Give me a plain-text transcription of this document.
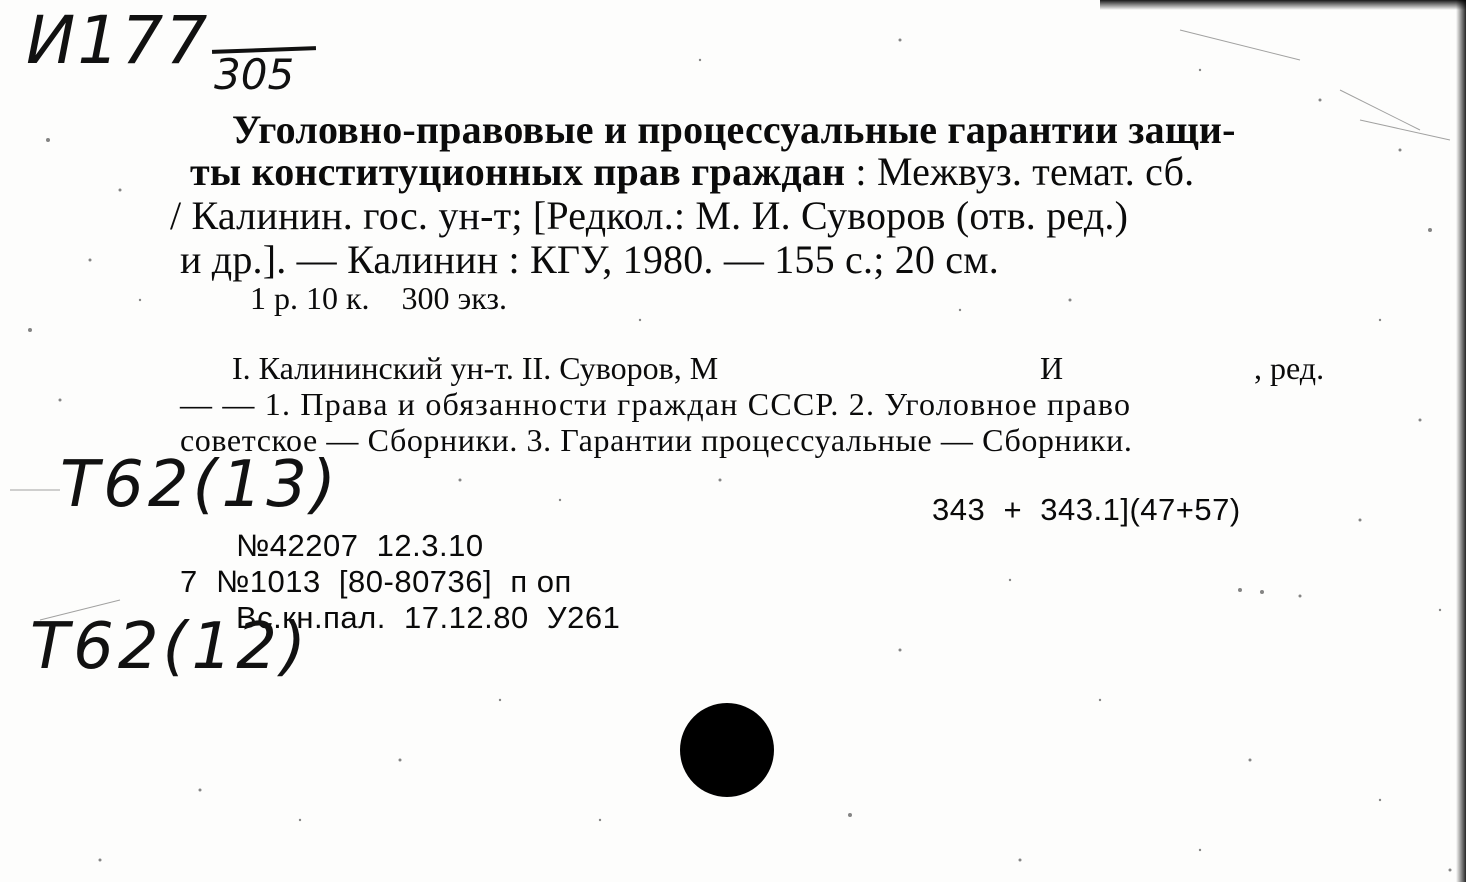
И177 305
Уголовно-правовые и процессуальные гарантии защи-
ты конституционных прав граждан : Межвуз. темат. сб.
/ Калинин. гос. ун-т; [Редкол.: М. И. Суворов (отв. ред.)
и др.]. — Калинин : КГУ, 1980. — 155 с.; 20 см.
1 р. 10 к.    300 экз.
I. Калининский ун-т. II. Суворов, М	И	, ред.
— — 1. Права и обязанности граждан СССР. 2. Уголовное право
советское — Сборники. 3. Гарантии процессуальные — Сборники.
Т62(13)	343  +  343.1](47+57)
№42207  12.3.10
7  №1013  [80-80736]  п оп
Вс.кн.пал.  17.12.80  У261
Т62(12)
